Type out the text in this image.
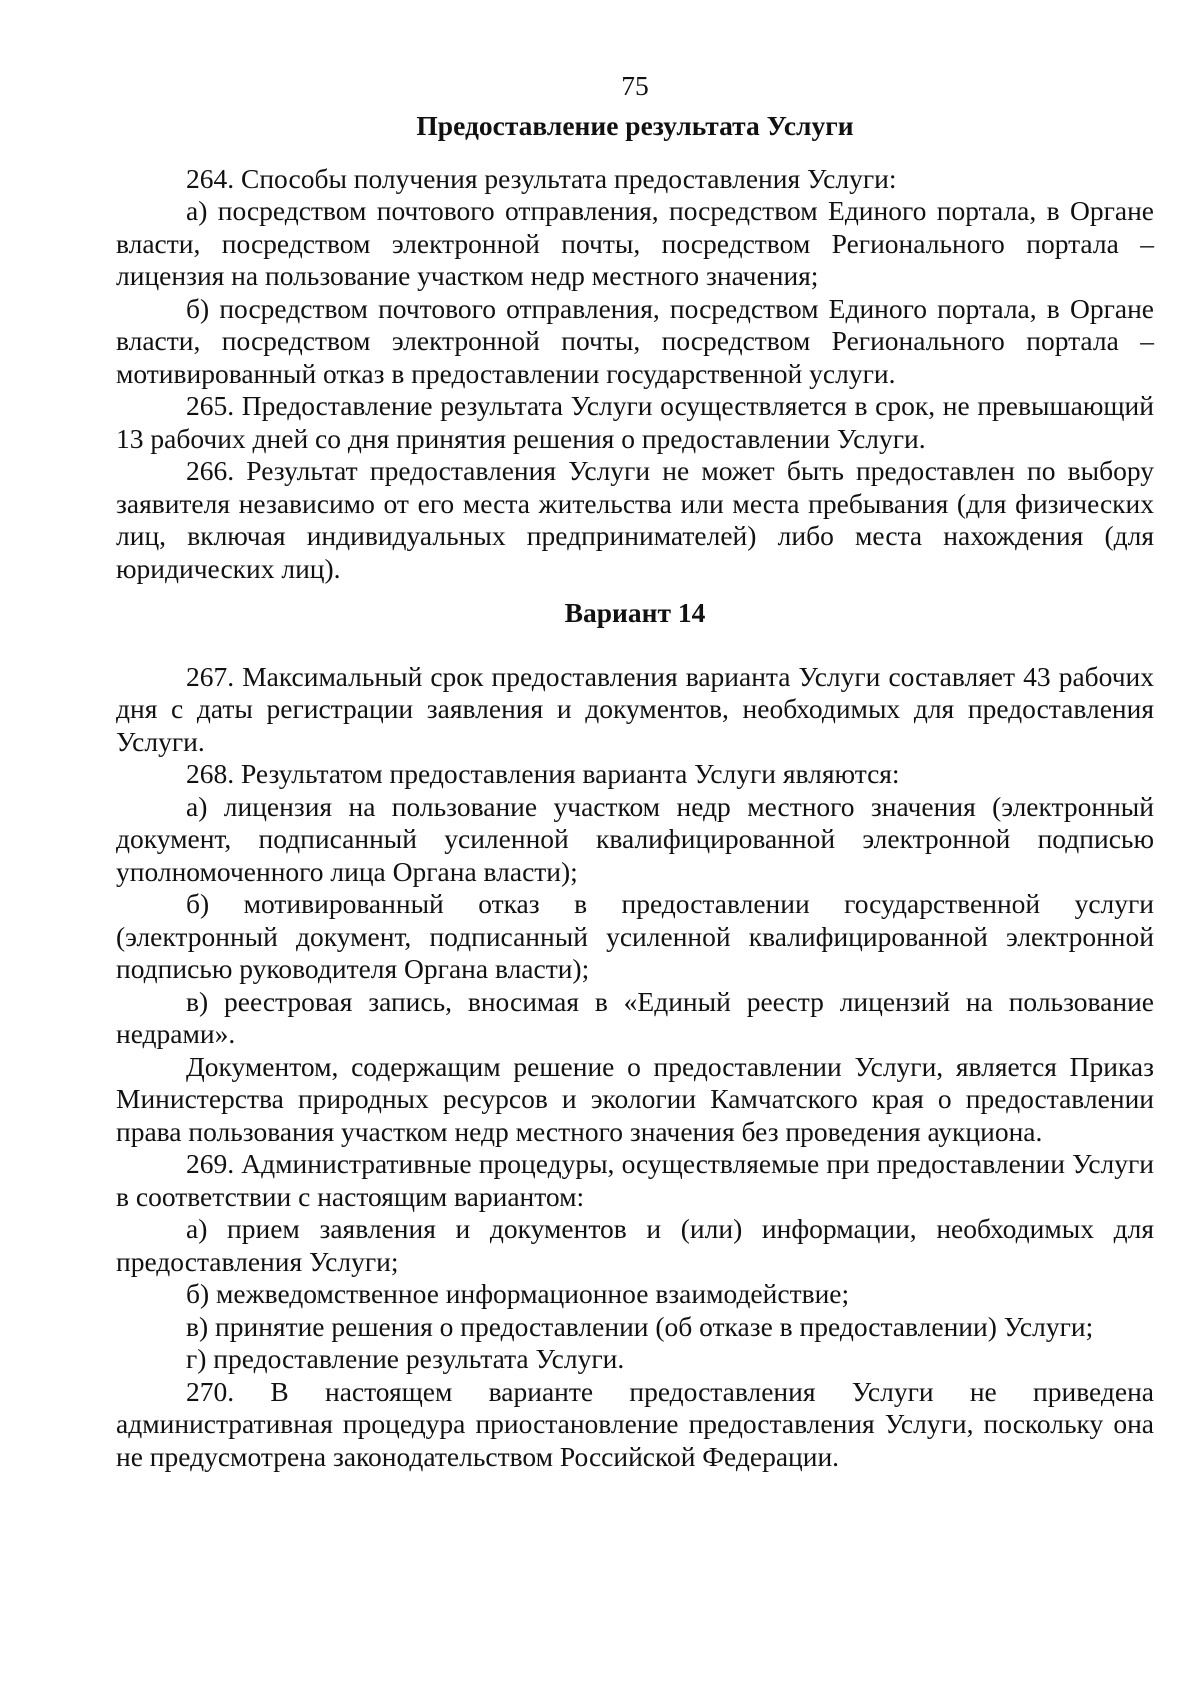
75
Предоставление результата Услуги

264. Способы получения результата предоставления Услуги:

а) посредством почтового отправления, посредством Единого портала, в Органе власти, посредством электронной почты, посредством Регионального портала – лицензия на пользование участком недр местного значения;

б) посредством почтового отправления, посредством Единого портала, в Органе власти, посредством электронной почты, посредством Регионального портала – мотивированный отказ в предоставлении государственной услуги.

265. Предоставление результата Услуги осуществляется в срок, не превышающий 13 рабочих дней со дня принятия решения о предоставлении Услуги.

266. Результат предоставления Услуги не может быть предоставлен по выбору заявителя независимо от его места жительства или места пребывания (для физических лиц, включая индивидуальных предпринимателей) либо места нахождения (для юридических лиц).

Вариант 14

267. Максимальный срок предоставления варианта Услуги составляет 43 рабочих дня с даты регистрации заявления и документов, необходимых для предоставления Услуги.

268. Результатом предоставления варианта Услуги являются:

а) лицензия на пользование участком недр местного значения (электронный документ, подписанный усиленной квалифицированной электронной подписью уполномоченного лица Органа власти);

б) мотивированный отказ в предоставлении государственной услуги (электронный документ, подписанный усиленной квалифицированной электронной подписью руководителя Органа власти);

в) реестровая запись, вносимая в «Единый реестр лицензий на пользование недрами».

Документом, содержащим решение о предоставлении Услуги, является Приказ Министерства природных ресурсов и экологии Камчатского края о предоставлении права пользования участком недр местного значения без проведения аукциона.

269. Административные процедуры, осуществляемые при предоставлении Услуги в соответствии с настоящим вариантом:

а) прием заявления и документов и (или) информации, необходимых для предоставления Услуги;

б) межведомственное информационное взаимодействие;

в) принятие решения о предоставлении (об отказе в предоставлении) Услуги;

г) предоставление результата Услуги.

270. В настоящем варианте предоставления Услуги не приведена административная процедура приостановление предоставления Услуги, поскольку она не предусмотрена законодательством Российской Федерации.
